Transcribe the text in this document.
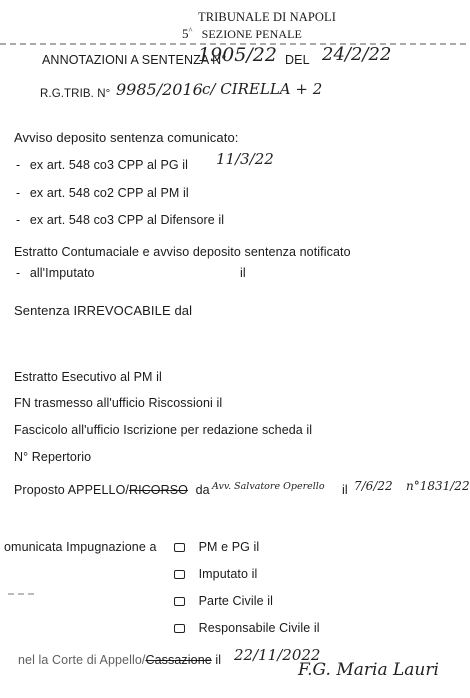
TRIBUNALE DI NAPOLI
5^ SEZIONE PENALE
ANNOTAZIONI A SENTENZA N°
1905/22 DEL 24/2/22
R.G.TRIB. N° 9985/2016 c/ CIRELLA + 2
Avviso deposito sentenza comunicato:
- ex art. 548 co3 CPP al PG il 11/3/22
- ex art. 548 co2 CPP al PM il
- ex art. 548 co3 CPP al Difensore il
Estratto Contumaciale e avviso deposito sentenza notificato
- all'Imputato	il
Sentenza IRREVOCABILE dal
Estratto Esecutivo al PM il
FN trasmesso all'ufficio Riscossioni il
Fascicolo all'ufficio Iscrizione per redazione scheda il
N° Repertorio
Proposto APPELLO/RICORSO da Avv. Salvatore Operello il 7/6/22 n°1831/22
omunicata Impugnazione a	PM e PG il
Imputato il
Parte Civile il
Responsabile Civile il
nel la Corte di Appello/Cassazione il 22/11/2022
F.G. Maria Lauri
